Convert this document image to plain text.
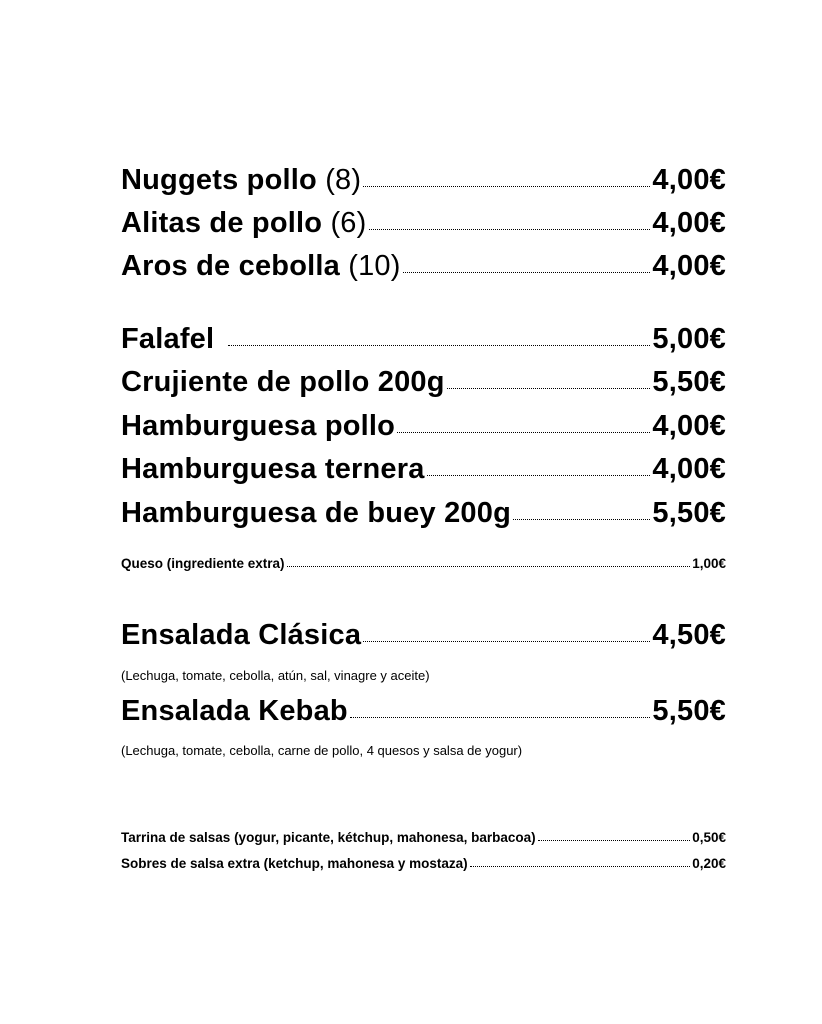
Nuggets pollo (8)	4,00€
Alitas de pollo (6)	4,00€
Aros de cebolla (10)	4,00€
Falafel	5,00€
Crujiente de pollo 200g	5,50€
Hamburguesa pollo	4,00€
Hamburguesa ternera	4,00€
Hamburguesa de buey 200g	5,50€
Queso (ingrediente extra)	1,00€
Ensalada Clásica	4,50€
(Lechuga, tomate, cebolla, atún, sal, vinagre y aceite)
Ensalada Kebab	5,50€
(Lechuga, tomate, cebolla, carne de pollo, 4 quesos y salsa de yogur)
Tarrina de salsas (yogur, picante, kétchup, mahonesa, barbacoa)	0,50€
Sobres de salsa extra (ketchup, mahonesa y mostaza)	0,20€
